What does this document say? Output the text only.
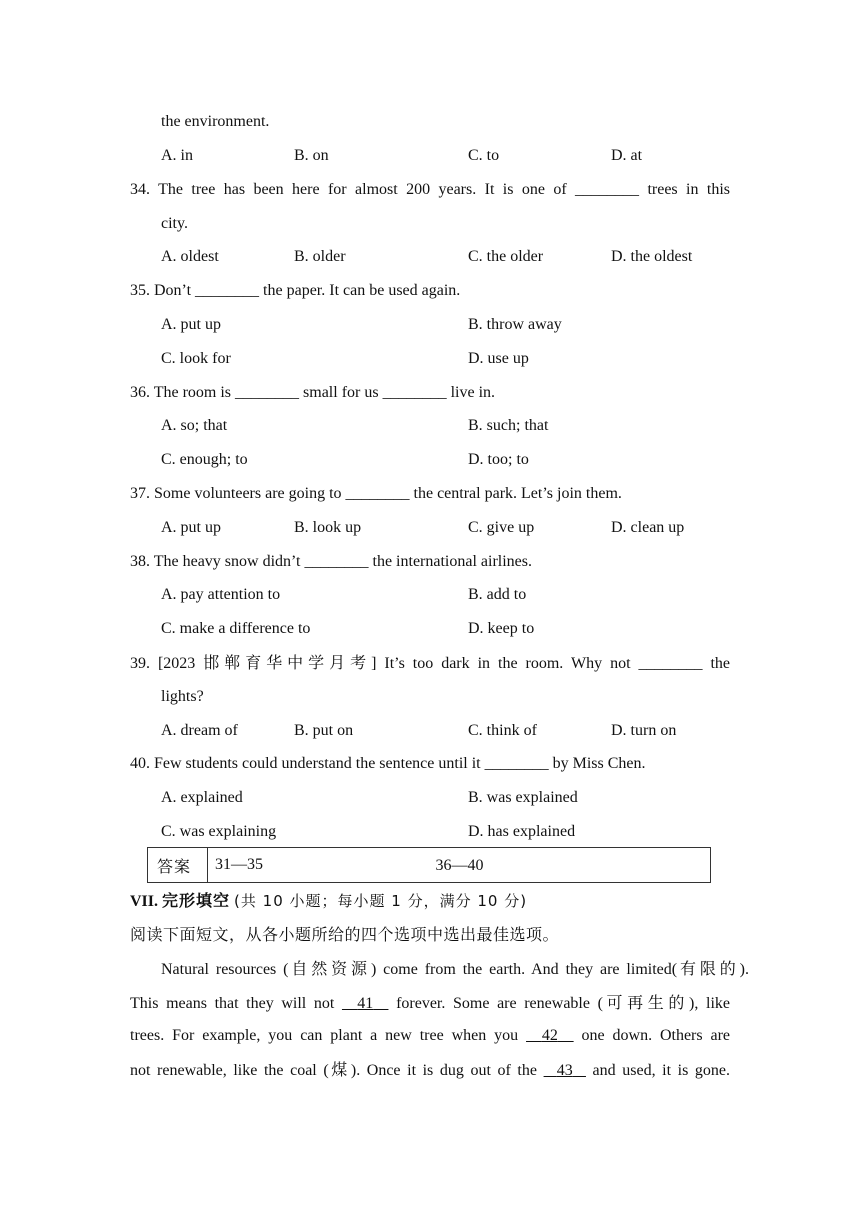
the environment.
A. in	B. on	C. to	D. at
34. The tree has been here for almost 200 years. It is one of ________ trees in this
city.
A. oldest	B. older	C. the older	D. the oldest
35. Don’t ________ the paper. It can be used again.
A. put up	B. throw away
C. look for	D. use up
36. The room is ________ small for us ________ live in.
A. so; that	B. such; that
C. enough; to	D. too; to
37. Some volunteers are going to ________ the central park. Let’s join them.
A. put up	B. look up	C. give up	D. clean up
38. The heavy snow didn’t ________ the international airlines.
A. pay attention to	B. add to
C. make a difference to	D. keep to
39. [2023 邯郸育华中学月考] It’s too dark in the room. Why not ________ the
lights?
A. dream of	B. put on	C. think of	D. turn on
40. Few students could understand the sentence until it ________ by Miss Chen.
A. explained	B. was explained
C. was explaining	D. has explained
答案	31—35	36—40
VII. 完形填空 (共 10 小题；每小题 1 分，满分 10 分)
阅读下面短文，从各小题所给的四个选项中选出最佳选项。
Natural resources (自然资源) come from the earth. And they are limited(有限的).
This means that they will not   41   forever. Some are renewable (可再生的), like
trees. For example, you can plant a new tree when you   42   one down. Others are
not renewable, like the coal (煤). Once it is dug out of the   43   and used, it is gone.
